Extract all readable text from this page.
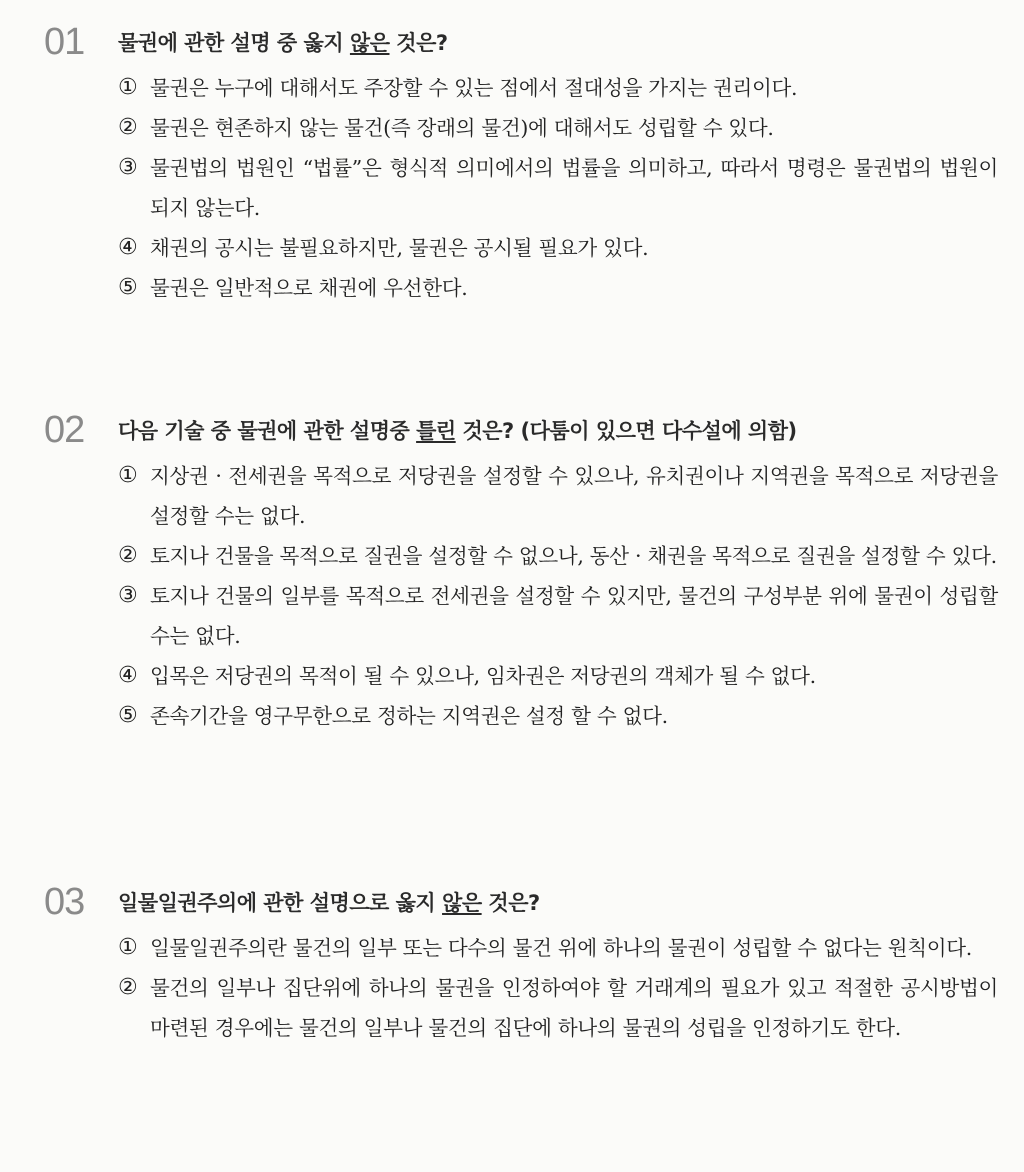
01 물권에 관한 설명 중 옳지 않은 것은?
① 물권은 누구에 대해서도 주장할 수 있는 점에서 절대성을 가지는 권리이다.
② 물권은 현존하지 않는 물건(즉 장래의 물건)에 대해서도 성립할 수 있다.
③ 물권법의 법원인 “법률”은 형식적 의미에서의 법률을 의미하고, 따라서 명령은 물권법의 법원이 되지 않는다.
④ 채권의 공시는 불필요하지만, 물권은 공시될 필요가 있다.
⑤ 물권은 일반적으로 채권에 우선한다.
02 다음 기술 중 물권에 관한 설명중 틀린 것은? (다툼이 있으면 다수설에 의함)
① 지상권 · 전세권을 목적으로 저당권을 설정할 수 있으나, 유치권이나 지역권을 목적으로 저당권을 설정할 수는 없다.
② 토지나 건물을 목적으로 질권을 설정할 수 없으나, 동산 · 채권을 목적으로 질권을 설정할 수 있다.
③ 토지나 건물의 일부를 목적으로 전세권을 설정할 수 있지만, 물건의 구성부분 위에 물권이 성립할 수는 없다.
④ 입목은 저당권의 목적이 될 수 있으나, 임차권은 저당권의 객체가 될 수 없다.
⑤ 존속기간을 영구무한으로 정하는 지역권은 설정 할 수 없다.
03 일물일권주의에 관한 설명으로 옳지 않은 것은?
① 일물일권주의란 물건의 일부 또는 다수의 물건 위에 하나의 물권이 성립할 수 없다는 원칙이다.
② 물건의 일부나 집단위에 하나의 물권을 인정하여야 할 거래계의 필요가 있고 적절한 공시방법이 마련된 경우에는 물건의 일부나 물건의 집단에 하나의 물권의 성립을 인정하기도 한다.
